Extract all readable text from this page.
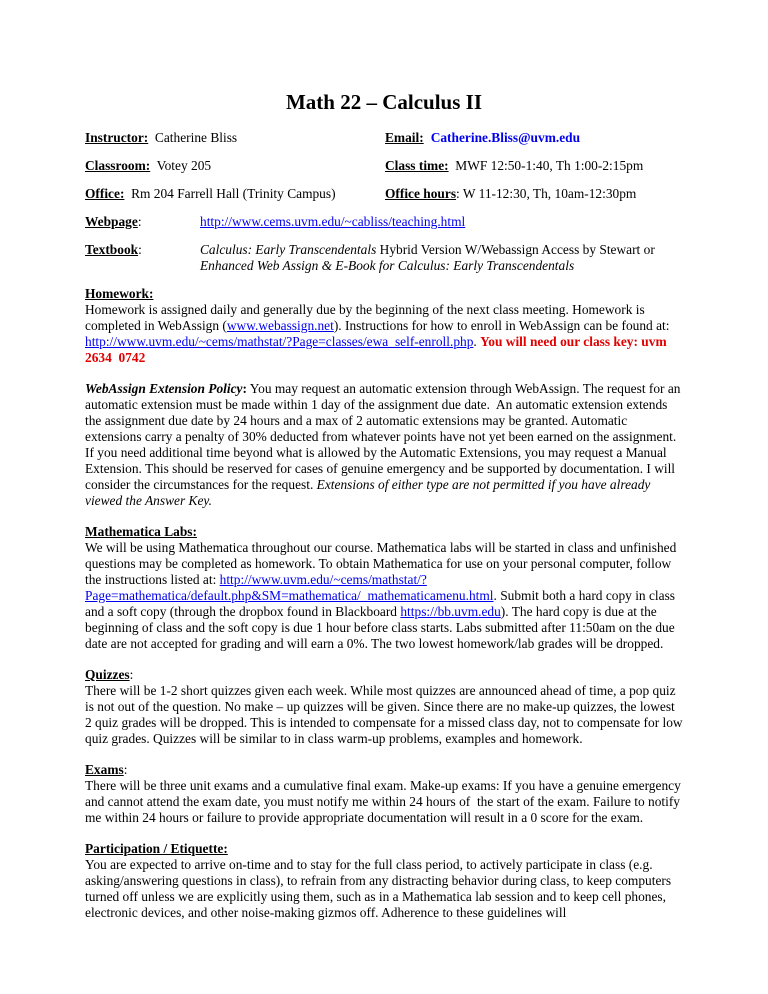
Math 22 – Calculus II
Instructor:  Catherine Bliss	Email: Catherine.Bliss@uvm.edu
Classroom:  Votey 205	Class time:  MWF 12:50-1:40, Th 1:00-2:15pm
Office:  Rm 204 Farrell Hall (Trinity Campus)	Office hours: W 11-12:30, Th, 10am-12:30pm
Webpage:	http://www.cems.uvm.edu/~cabliss/teaching.html
Textbook:	Calculus: Early Transcendentals Hybrid Version W/Webassign Access by Stewart or
Enhanced Web Assign & E-Book for Calculus: Early Transcendentals
Homework:
Homework is assigned daily and generally due by the beginning of the next class meeting. Homework is completed in WebAssign (www.webassign.net). Instructions for how to enroll in WebAssign can be found at: http://www.uvm.edu/~cems/mathstat/?Page=classes/ewa_self-enroll.php. You will need our class key: uvm 2634  0742
WebAssign Extension Policy: You may request an automatic extension through WebAssign. The request for an automatic extension must be made within 1 day of the assignment due date.  An automatic extension extends the assignment due date by 24 hours and a max of 2 automatic extensions may be granted. Automatic extensions carry a penalty of 30% deducted from whatever points have not yet been earned on the assignment. If you need additional time beyond what is allowed by the Automatic Extensions, you may request a Manual Extension. This should be reserved for cases of genuine emergency and be supported by documentation. I will consider the circumstances for the request. Extensions of either type are not permitted if you have already viewed the Answer Key.
Mathematica Labs:
We will be using Mathematica throughout our course. Mathematica labs will be started in class and unfinished questions may be completed as homework. To obtain Mathematica for use on your personal computer, follow the instructions listed at: http://www.uvm.edu/~cems/mathstat/?Page=mathematica/default.php&SM=mathematica/_mathematicamenu.html. Submit both a hard copy in class and a soft copy (through the dropbox found in Blackboard https://bb.uvm.edu). The hard copy is due at the beginning of class and the soft copy is due 1 hour before class starts. Labs submitted after 11:50am on the due date are not accepted for grading and will earn a 0%. The two lowest homework/lab grades will be dropped.
Quizzes:
There will be 1-2 short quizzes given each week. While most quizzes are announced ahead of time, a pop quiz is not out of the question. No make – up quizzes will be given. Since there are no make-up quizzes, the lowest 2 quiz grades will be dropped. This is intended to compensate for a missed class day, not to compensate for low quiz grades. Quizzes will be similar to in class warm-up problems, examples and homework.
Exams:
There will be three unit exams and a cumulative final exam. Make-up exams: If you have a genuine emergency and cannot attend the exam date, you must notify me within 24 hours of  the start of the exam. Failure to notify me within 24 hours or failure to provide appropriate documentation will result in a 0 score for the exam.
Participation / Etiquette:
You are expected to arrive on-time and to stay for the full class period, to actively participate in class (e.g. asking/answering questions in class), to refrain from any distracting behavior during class, to keep computers turned off unless we are explicitly using them, such as in a Mathematica lab session and to keep cell phones, electronic devices, and other noise-making gizmos off. Adherence to these guidelines will
